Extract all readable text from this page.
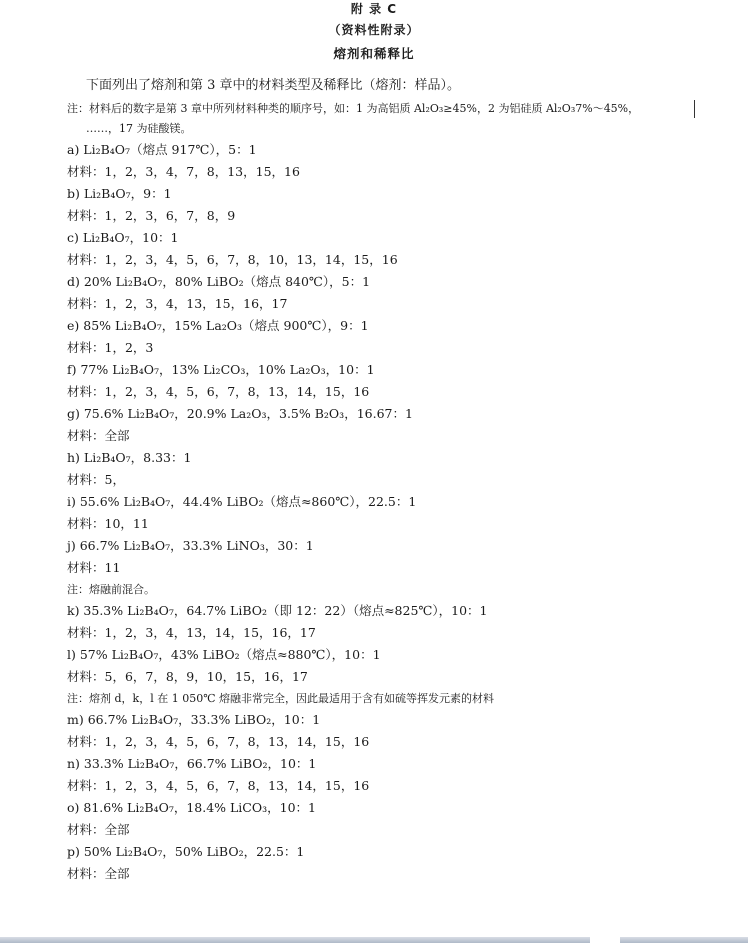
附 录 C
（资料性附录）
熔剂和稀释比
下面列出了熔剂和第 3 章中的材料类型及稀释比（熔剂：样品）。
注：材料后的数字是第 3 章中所列材料种类的顺序号，如：1 为高铝质 Al₂O₃≥45%，2 为铝硅质 Al₂O₃7%～45%，
……，17 为硅酸镁。
a) Li₂B₄O₇（熔点 917℃），5：1
材料：1，2，3，4，7，8，13，15，16
b) Li₂B₄O₇，9：1
材料：1，2，3，6，7，8，9
c) Li₂B₄O₇，10：1
材料：1，2，3，4，5，6，7，8，10，13，14，15，16
d) 20% Li₂B₄O₇，80% LiBO₂（熔点 840℃），5：1
材料：1，2，3，4，13，15，16，17
e) 85% Li₂B₄O₇，15% La₂O₃（熔点 900℃），9：1
材料：1，2，3
f) 77% Li₂B₄O₇，13% Li₂CO₃，10% La₂O₃，10：1
材料：1，2，3，4，5，6，7，8，13，14，15，16
g) 75.6% Li₂B₄O₇，20.9% La₂O₃，3.5% B₂O₃，16.67：1
材料：全部
h) Li₂B₄O₇，8.33：1
材料：5，
i) 55.6% Li₂B₄O₇，44.4% LiBO₂（熔点≈860℃），22.5：1
材料：10，11
j) 66.7% Li₂B₄O₇，33.3% LiNO₃，30：1
材料：11
注：熔融前混合。
k) 35.3% Li₂B₄O₇，64.7% LiBO₂（即 12：22）（熔点≈825℃），10：1
材料：1，2，3，4，13，14，15，16，17
l) 57% Li₂B₄O₇，43% LiBO₂（熔点≈880℃），10：1
材料：5，6，7，8，9，10，15，16，17
注：熔剂 d，k，l 在 1 050℃ 熔融非常完全，因此最适用于含有如硫等挥发元素的材料
m) 66.7% Li₂B₄O₇，33.3% LiBO₂，10：1
材料：1，2，3，4，5，6，7，8，13，14，15，16
n) 33.3% Li₂B₄O₇，66.7% LiBO₂，10：1
材料：1，2，3，4，5，6，7，8，13，14，15，16
o) 81.6% Li₂B₄O₇，18.4% LiCO₃，10：1
材料：全部
p) 50% Li₂B₄O₇，50% LiBO₂，22.5：1
材料：全部
